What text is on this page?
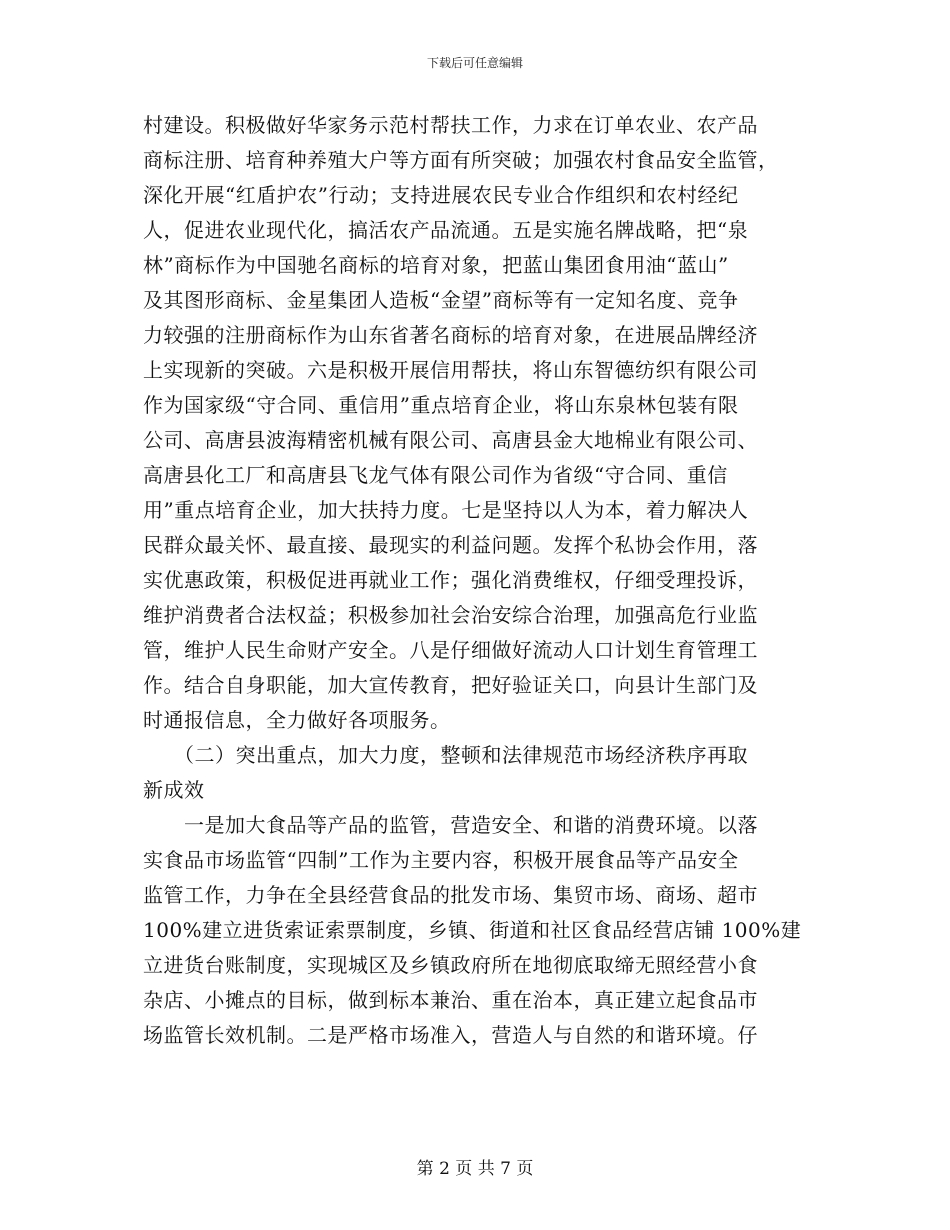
下载后可任意编辑
村建设。积极做好华家务示范村帮扶工作，力求在订单农业、农产品
商标注册、培育种养殖大户等方面有所突破；加强农村食品安全监管，
深化开展“红盾护农”行动；支持进展农民专业合作组织和农村经纪
人，促进农业现代化，搞活农产品流通。五是实施名牌战略，把“泉
林”商标作为中国驰名商标的培育对象，把蓝山集团食用油“蓝山”
及其图形商标、金星集团人造板“金望”商标等有一定知名度、竞争
力较强的注册商标作为山东省著名商标的培育对象，在进展品牌经济
上实现新的突破。六是积极开展信用帮扶，将山东智德纺织有限公司
作为国家级“守合同、重信用”重点培育企业，将山东泉林包装有限
公司、高唐县波海精密机械有限公司、高唐县金大地棉业有限公司、
高唐县化工厂和高唐县飞龙气体有限公司作为省级“守合同、重信
用”重点培育企业，加大扶持力度。七是坚持以人为本，着力解决人
民群众最关怀、最直接、最现实的利益问题。发挥个私协会作用，落
实优惠政策，积极促进再就业工作；强化消费维权，仔细受理投诉，
维护消费者合法权益；积极参加社会治安综合治理，加强高危行业监
管，维护人民生命财产安全。八是仔细做好流动人口计划生育管理工
作。结合自身职能，加大宣传教育，把好验证关口，向县计生部门及
时通报信息，全力做好各项服务。
　　（二）突出重点，加大力度，整顿和法律规范市场经济秩序再取
新成效
　　一是加大食品等产品的监管，营造安全、和谐的消费环境。以落
实食品市场监管“四制”工作为主要内容，积极开展食品等产品安全
监管工作，力争在全县经营食品的批发市场、集贸市场、商场、超市
100%建立进货索证索票制度，乡镇、街道和社区食品经营店铺 100%建
立进货台账制度，实现城区及乡镇政府所在地彻底取缔无照经营小食
杂店、小摊点的目标，做到标本兼治、重在治本，真正建立起食品市
场监管长效机制。二是严格市场准入，营造人与自然的和谐环境。仔
第 2 页 共 7 页
